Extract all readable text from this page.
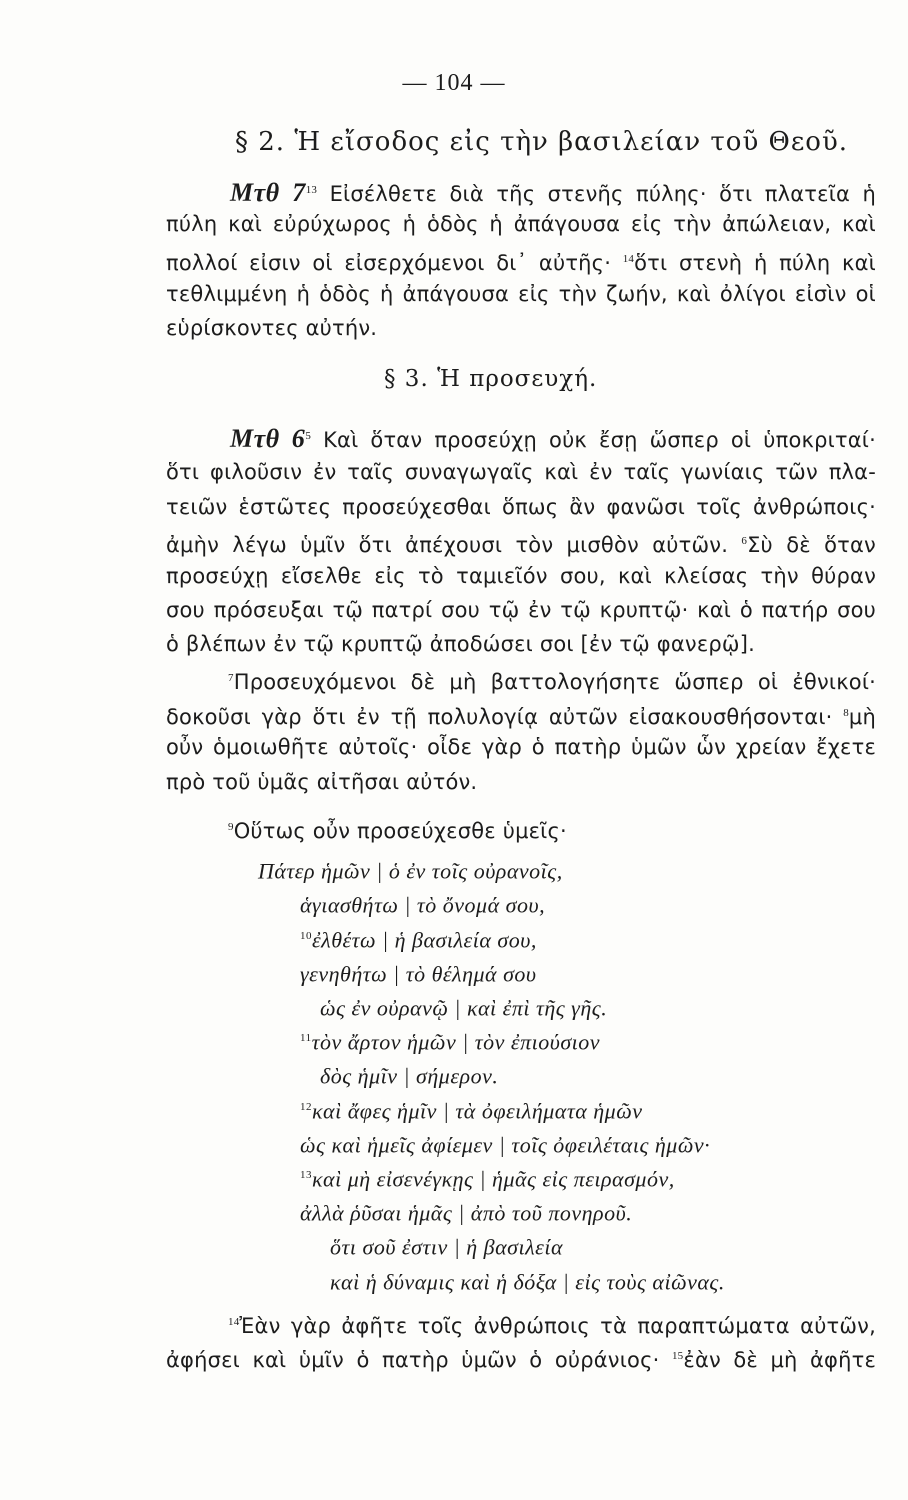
— 104 —
§ 2. Ἡ εἴσοδος εἰς τὴν βασιλείαν τοῦ Θεοῦ.
Μτθ $7^{13}$ Εἰσέλθετε διὰ τῆς στενῆς πύλης· ὅτι πλατεῖα ἡ
πύλη καὶ εὐρύχωρος ἡ ὁδὸς ἡ ἀπάγουσα εἰς τὴν ἀπώλειαν, καὶ
πολλοί εἰσιν οἱ εἰσερχόμενοι δι᾽ αὐτῆς· $^{14}$ὅτι στενὴ ἡ πύλη καὶ
τεθλιμμένη ἡ ὁδὸς ἡ ἀπάγουσα εἰς τὴν ζωήν, καὶ ὀλίγοι εἰσὶν οἱ
εὑρίσκοντες αὐτήν.
§ 3. Ἡ προσευχή.
Μτθ $6^5$ Καὶ ὅταν προσεύχῃ οὐκ ἔσῃ ὥσπερ οἱ ὑποκριταί·
ὅτι φιλοῦσιν ἐν ταῖς συναγωγαῖς καὶ ἐν ταῖς γωνίαις τῶν πλα-
τειῶν ἑστῶτες προσεύχεσθαι ὅπως ἂν φανῶσι τοῖς ἀνθρώποις·
ἀμὴν λέγω ὑμῖν ὅτι ἀπέχουσι τὸν μισθὸν αὐτῶν. $^6$Σὺ δὲ ὅταν
προσεύχῃ εἴσελθε εἰς τὸ ταμιεῖόν σου, καὶ κλείσας τὴν θύραν
σου πρόσευξαι τῷ πατρί σου τῷ ἐν τῷ κρυπτῷ· καὶ ὁ πατήρ σου
ὁ βλέπων ἐν τῷ κρυπτῷ ἀποδώσει σοι [ἐν τῷ φανερῷ].
$^7$Προσευχόμενοι δὲ μὴ βαττολογήσητε ὥσπερ οἱ ἐθνικοί·
δοκοῦσι γὰρ ὅτι ἐν τῇ πολυλογίᾳ αὐτῶν εἰσακουσθήσονται· $^8$μὴ
οὖν ὁμοιωθῆτε αὐτοῖς· οἶδε γὰρ ὁ πατὴρ ὑμῶν ὧν χρείαν ἔχετε
πρὸ τοῦ ὑμᾶς αἰτῆσαι αὐτόν.
$^9$Οὕτως οὖν προσεύχεσθε ὑμεῖς·
Πάτερ ἡμῶν | ὁ ἐν τοῖς οὐρανοῖς,
ἁγιασθήτω | τὸ ὄνομά σου,
$^{10}$ἐλθέτω | ἡ βασιλεία σου,
γενηθήτω | τὸ θέλημά σου
ὡς ἐν οὐρανῷ | καὶ ἐπὶ τῆς γῆς.
$^{11}$τὸν ἄρτον ἡμῶν | τὸν ἐπιούσιον
δὸς ἡμῖν | σήμερον.
$^{12}$καὶ ἄφες ἡμῖν | τὰ ὀφειλήματα ἡμῶν
ὡς καὶ ἡμεῖς ἀφίεμεν | τοῖς ὀφειλέταις ἡμῶν·
$^{13}$καὶ μὴ εἰσενέγκῃς | ἡμᾶς εἰς πειρασμόν,
ἀλλὰ ῥῦσαι ἡμᾶς | ἀπὸ τοῦ πονηροῦ.
ὅτι σοῦ ἐστιν | ἡ βασιλεία
καὶ ἡ δύναμις καὶ ἡ δόξα | εἰς τοὺς αἰῶνας.
$^{14}$Ἐὰν γὰρ ἀφῆτε τοῖς ἀνθρώποις τὰ παραπτώματα αὐτῶν,
ἀφήσει καὶ ὑμῖν ὁ πατὴρ ὑμῶν ὁ οὐράνιος· $^{15}$ἐὰν δὲ μὴ ἀφῆτε
